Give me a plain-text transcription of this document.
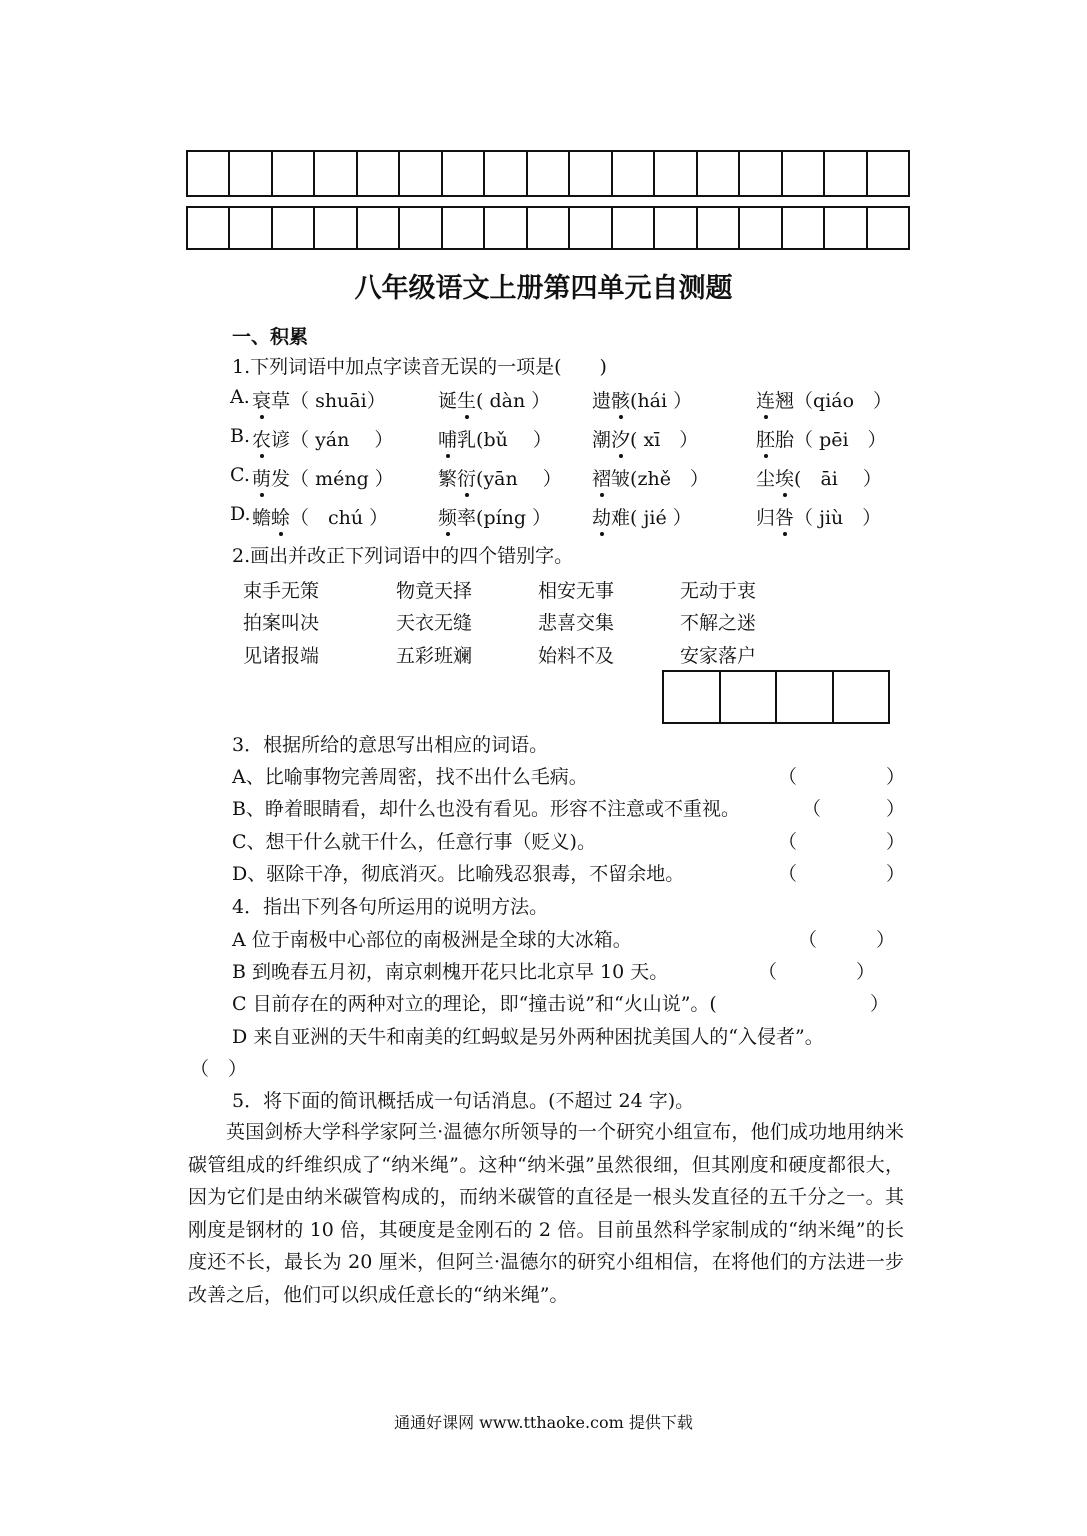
八年级语文上册第四单元自测题
一、积累
1.下列词语中加点字读音无误的一项是(　　)
A. 衰草（ shuāi）	诞生( dàn ） 遗骸(hái ）	连翘（qiáo　）
B. 农谚（ yán　 ） 哺乳(bǔ　 ） 潮汐( xī　）	胚胎（ pēi　）
C. 萌发（ méng ） 繁衍(yān　 ） 褶皱(zhě　） 尘埃(　āi　 ）
D. 蟾蜍（　chú ）	频率(píng ） 劫难( jié ）	归咎（ jiù　）
2.画出并改正下列词语中的四个错别字。
束手无策	物竟天择	相安无事	无动于衷
拍案叫决	天衣无缝	悲喜交集	不解之迷
见诸报端	五彩班斓	始料不及	安家落户
3．根据所给的意思写出相应的词语。
A、比喻事物完善周密，找不出什么毛病。	（	）
B、睁着眼睛看，却什么也没有看见。形容不注意或不重视。	（	）
C、想干什么就干什么，任意行事（贬义)。	（	）
D、驱除干净，彻底消灭。比喻残忍狠毒，不留余地。	（	）
4．指出下列各句所运用的说明方法。
A 位于南极中心部位的南极洲是全球的大冰箱。	（	）
B 到晚春五月初，南京刺槐开花只比北京早 10 天。	（	）
C 目前存在的两种对立的理论，即“撞击说”和“火山说”。(	）
D 来自亚洲的天牛和南美的红蚂蚁是另外两种困扰美国人的“入侵者”。
（　）
5．将下面的简讯概括成一句话消息。(不超过 24 字)。
英国剑桥大学科学家阿兰·温德尔所领导的一个研究小组宣布，他们成功地用纳米碳管组成的纤维织成了“纳米绳”。这种“纳米强”虽然很细，但其刚度和硬度都很大，因为它们是由纳米碳管构成的，而纳米碳管的直径是一根头发直径的五千分之一。其刚度是钢材的 10 倍，其硬度是金刚石的 2 倍。目前虽然科学家制成的“纳米绳”的长度还不长，最长为 20 厘米，但阿兰·温德尔的研究小组相信，在将他们的方法进一步改善之后，他们可以织成任意长的“纳米绳”。
通通好课网 www.tthaoke.com 提供下载
